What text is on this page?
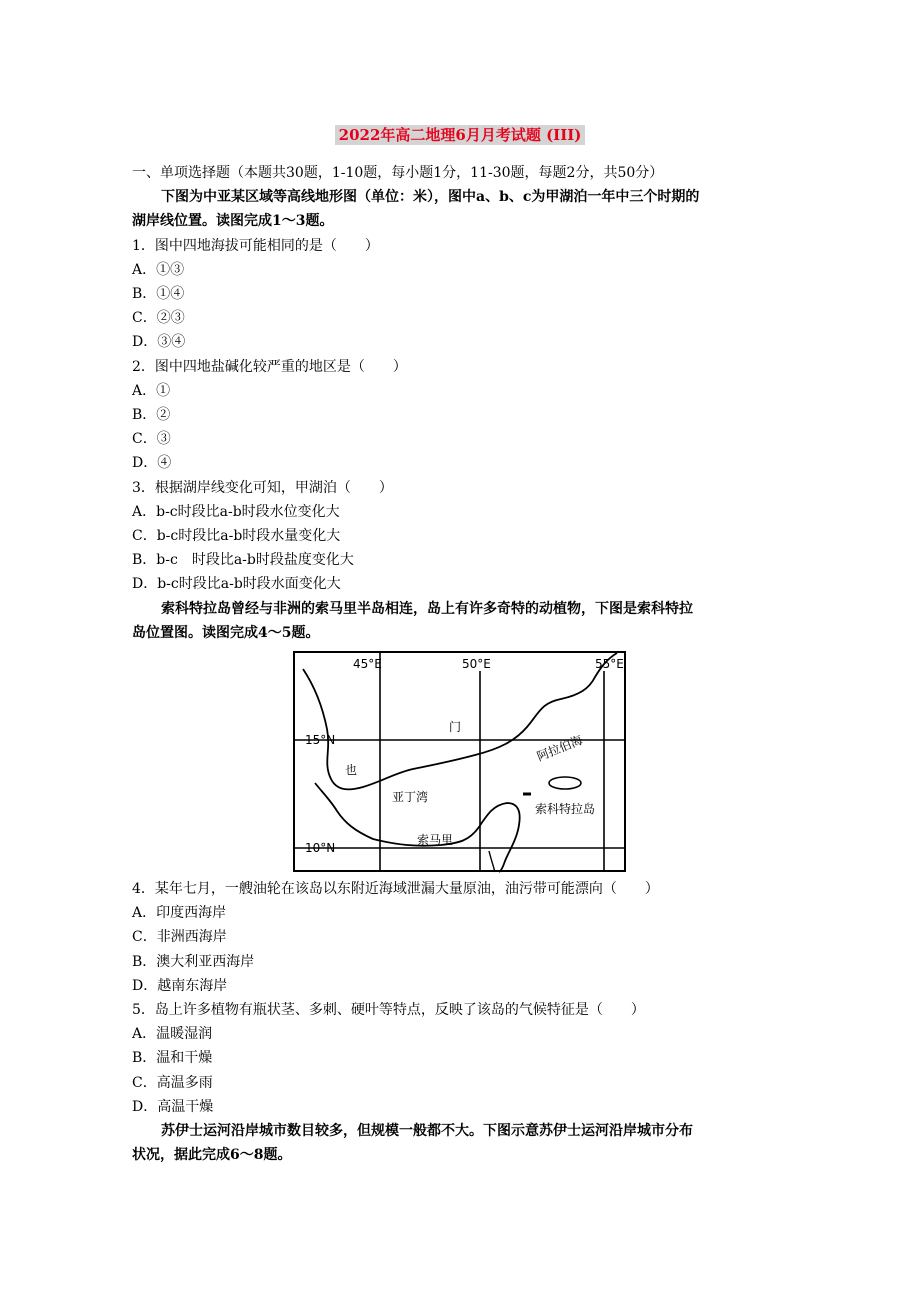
2022年高二地理6月月考试题 (III)
一、单项选择题（本题共30题，1-10题，每小题1分，11-30题，每题2分，共50分）
下图为中亚某区域等高线地形图（单位：米），图中a、b、c为甲湖泊一年中三个时期的
湖岸线位置。读图完成1～3题。
1．图中四地海拔可能相同的是（　　）
A．①③
B．①④
C．②③
D．③④
2．图中四地盐碱化较严重的地区是（　　）
A．①
B．②
C．③
D．④
3．根据湖岸线变化可知，甲湖泊（　　）
A．b-c时段比a-b时段水位变化大
C．b-c时段比a-b时段水量变化大
B．b-c　时段比a-b时段盐度变化大
D．b-c时段比a-b时段水面变化大
索科特拉岛曾经与非洲的索马里半岛相连，岛上有许多奇特的动植物，下图是索科特拉
岛位置图。读图完成4～5题。
45°E	50°E	55°E
15°N
10°N
门
也
亚丁湾
索科特拉岛
索马里
阿拉伯海
4．某年七月，一艘油轮在该岛以东附近海域泄漏大量原油，油污带可能漂向（　　）
A．印度西海岸
C．非洲西海岸
B．澳大利亚西海岸
D．越南东海岸
5．岛上许多植物有瓶状茎、多刺、硬叶等特点，反映了该岛的气候特征是（　　）
A．温暖湿润
B．温和干燥
C．高温多雨
D．高温干燥
苏伊士运河沿岸城市数目较多，但规模一般都不大。下图示意苏伊士运河沿岸城市分布
状况，据此完成6～8题。
